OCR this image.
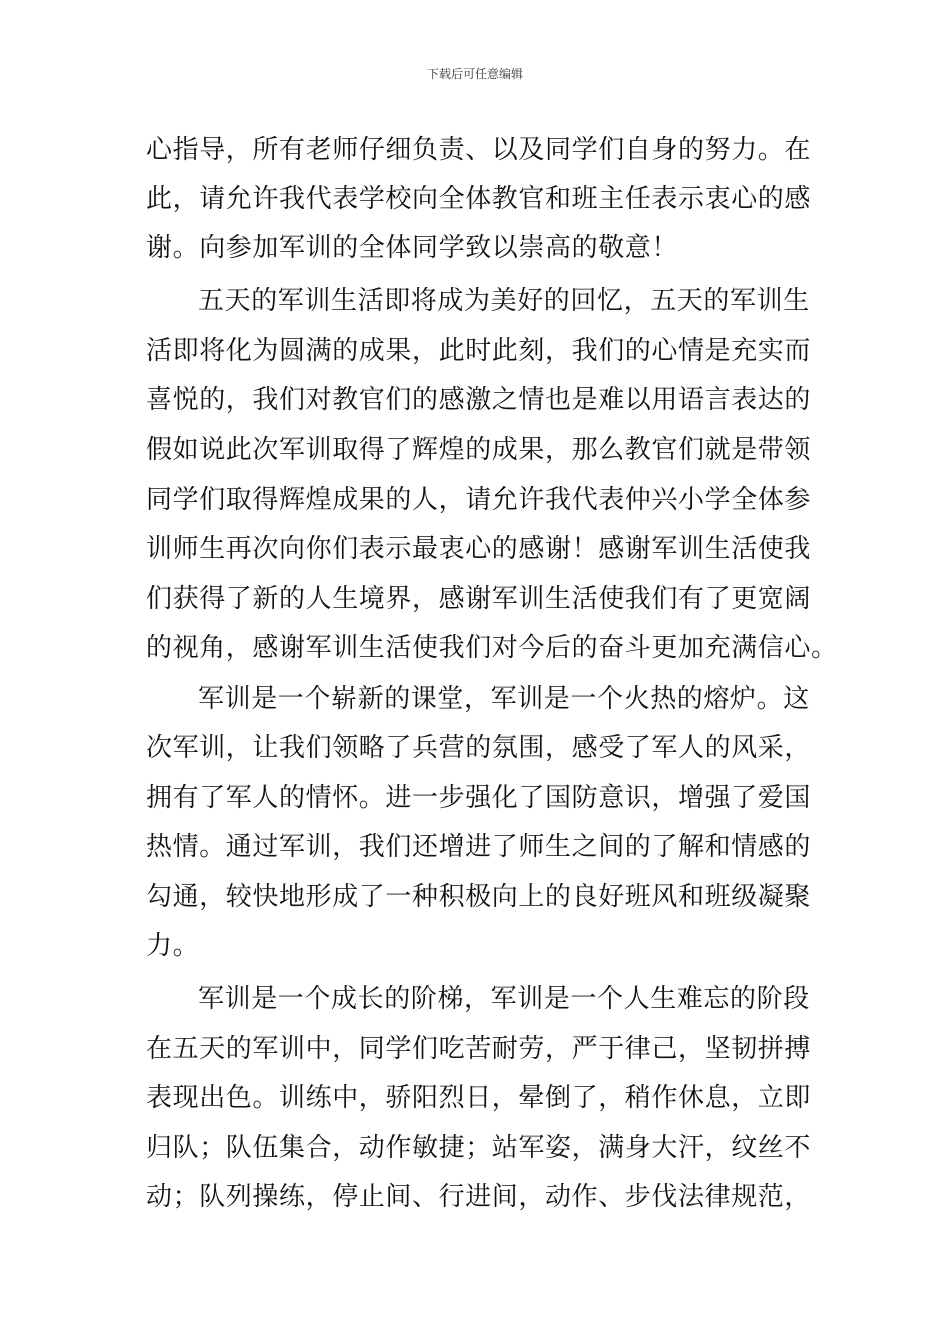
下载后可任意编辑
心指导，所有老师仔细负责、以及同学们自身的努力。在
此，请允许我代表学校向全体教官和班主任表示衷心的感
谢。向参加军训的全体同学致以崇高的敬意！
五天的军训生活即将成为美好的回忆，五天的军训生
活即将化为圆满的成果，此时此刻，我们的心情是充实而
喜悦的，我们对教官们的感激之情也是难以用语言表达的
假如说此次军训取得了辉煌的成果，那么教官们就是带领
同学们取得辉煌成果的人，请允许我代表仲兴小学全体参
训师生再次向你们表示最衷心的感谢！感谢军训生活使我
们获得了新的人生境界，感谢军训生活使我们有了更宽阔
的视角，感谢军训生活使我们对今后的奋斗更加充满信心。
军训是一个崭新的课堂，军训是一个火热的熔炉。这
次军训，让我们领略了兵营的氛围，感受了军人的风采，
拥有了军人的情怀。进一步强化了国防意识，增强了爱国
热情。通过军训，我们还增进了师生之间的了解和情感的
勾通，较快地形成了一种积极向上的良好班风和班级凝聚
力。
军训是一个成长的阶梯，军训是一个人生难忘的阶段
在五天的军训中，同学们吃苦耐劳，严于律己，坚韧拼搏
表现出色。训练中，骄阳烈日，晕倒了，稍作休息，立即
归队；队伍集合，动作敏捷；站军姿，满身大汗，纹丝不
动；队列操练，停止间、行进间，动作、步伐法律规范，
